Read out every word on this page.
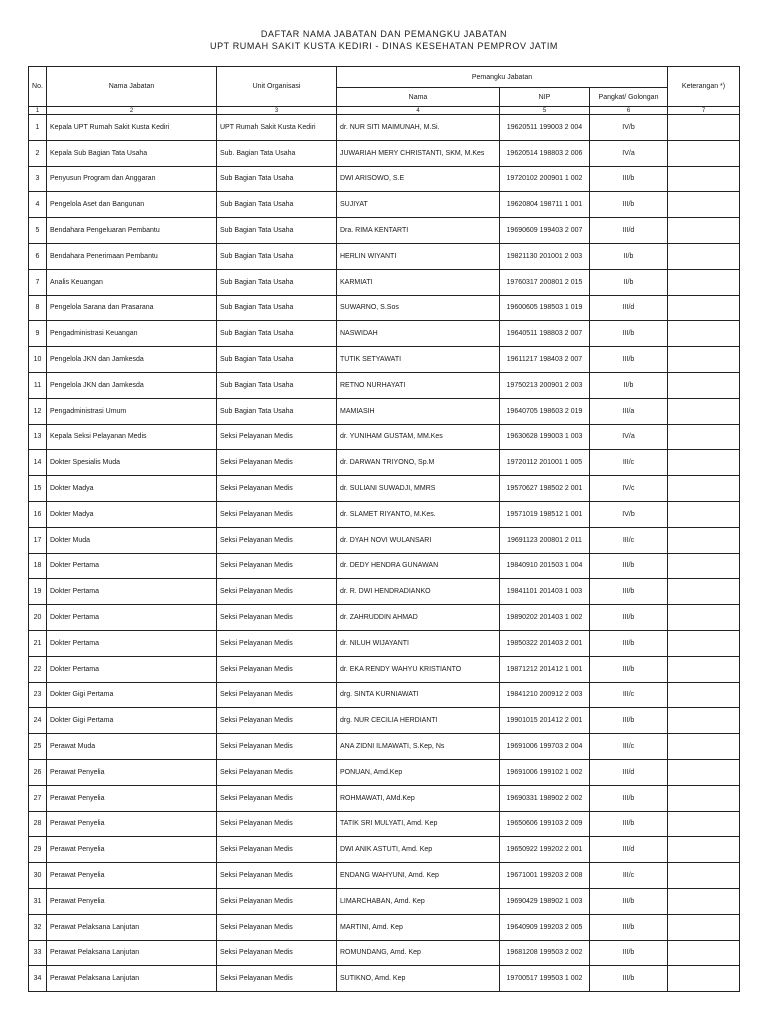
DAFTAR NAMA JABATAN DAN PEMANGKU JABATAN
UPT RUMAH SAKIT KUSTA KEDIRI - DINAS KESEHATAN PEMPROV JATIM
No.	Nama Jabatan	Unit Organisasi	Pemangku Jabatan			Keterangan *)
			Nama	NIP	Pangkat/ Golongan	
1	2	3	4	5	6	7
1	Kepala UPT Rumah Sakit Kusta Kediri	UPT Rumah Sakit Kusta Kediri	dr. NUR SITI MAIMUNAH, M.Si.	19620511 199003 2 004	IV/b	
2	Kepala Sub Bagian Tata Usaha	Sub. Bagian Tata Usaha	JUWARIAH MERY CHRISTANTI, SKM, M.Kes	19620514 198803 2 006	IV/a	
3	Penyusun Program dan Anggaran	Sub Bagian Tata Usaha	DWI ARISOWO, S.E	19720102 200901 1 002	III/b	
4	Pengelola Aset dan Bangunan	Sub Bagian Tata Usaha	SUJIYAT	19620804 198711 1 001	III/b	
5	Bendahara Pengeluaran Pembantu	Sub Bagian Tata Usaha	Dra. RIMA KENTARTI	19690609 199403 2 007	III/d	
6	Bendahara Penerimaan Pembantu	Sub Bagian Tata Usaha	HERLIN WIYANTI	19821130 201001 2 003	II/b	
7	Analis Keuangan	Sub Bagian Tata Usaha	KARMIATI	19760317 200801 2 015	II/b	
8	Pengelola Sarana dan Prasarana	Sub Bagian Tata Usaha	SUWARNO, S.Sos	19600605 198503 1 019	III/d	
9	Pengadministrasi Keuangan	Sub Bagian Tata Usaha	NASWIDAH	19640511 198803 2 007	III/b	
10	Pengelola JKN dan Jamkesda	Sub Bagian Tata Usaha	TUTIK SETYAWATI	19611217 198403 2 007	III/b	
11	Pengelola JKN dan Jamkesda	Sub Bagian Tata Usaha	RETNO NURHAYATI	19750213 200901 2 003	II/b	
12	Pengadministrasi Umum	Sub Bagian Tata Usaha	MAMIASIH	19640705 198603 2 019	III/a	
13	Kepala Seksi Pelayanan Medis	Seksi Pelayanan Medis	dr. YUNIHAM GUSTAM, MM.Kes	19630628 199003 1 003	IV/a	
14	Dokter Spesialis Muda	Seksi Pelayanan Medis	dr. DARWAN TRIYONO, Sp.M	19720112 201001 1 005	III/c	
15	Dokter Madya	Seksi Pelayanan Medis	dr. SULIANI SUWADJI, MMRS	19570627 198502 2 001	IV/c	
16	Dokter Madya	Seksi Pelayanan Medis	dr. SLAMET RIYANTO, M.Kes.	19571019 198512 1 001	IV/b	
17	Dokter Muda	Seksi Pelayanan Medis	dr. DYAH NOVI WULANSARI	19691123 200801 2 011	III/c	
18	Dokter Pertama	Seksi Pelayanan Medis	dr. DEDY HENDRA GUNAWAN	19840910 201503 1 004	III/b	
19	Dokter Pertama	Seksi Pelayanan Medis	dr. R. DWI HENDRADIANKO	19841101 201403 1 003	III/b	
20	Dokter Pertama	Seksi Pelayanan Medis	dr. ZAHRUDDIN AHMAD	19890202 201403 1 002	III/b	
21	Dokter Pertama	Seksi Pelayanan Medis	dr. NILUH WIJAYANTI	19850322 201403 2 001	III/b	
22	Dokter Pertama	Seksi Pelayanan Medis	dr. EKA RENDY WAHYU KRISTIANTO	19871212 201412 1 001	III/b	
23	Dokter Gigi Pertama	Seksi Pelayanan Medis	drg. SINTA KURNIAWATI	19841210 200912 2 003	III/c	
24	Dokter Gigi Pertama	Seksi Pelayanan Medis	drg. NUR CECILIA HERDIANTI	19901015 201412 2 001	III/b	
25	Perawat Muda	Seksi Pelayanan Medis	ANA ZIDNI ILMAWATI, S.Kep, Ns	19691006 199703 2 004	III/c	
26	Perawat Penyelia	Seksi Pelayanan Medis	PONUAN, Amd.Kep	19691006 199102 1 002	III/d	
27	Perawat Penyelia	Seksi Pelayanan Medis	ROHMAWATI, AMd.Kep	19690331 198902 2 002	III/b	
28	Perawat Penyelia	Seksi Pelayanan Medis	TATIK SRI MULYATI, Amd. Kep	19650606 199103 2 009	III/b	
29	Perawat Penyelia	Seksi Pelayanan Medis	DWI ANIK ASTUTI, Amd. Kep	19650922 199202 2 001	III/d	
30	Perawat Penyelia	Seksi Pelayanan Medis	ENDANG WAHYUNI, Amd. Kep	19671001 199203 2 008	III/c	
31	Perawat Penyelia	Seksi Pelayanan Medis	LIMARCHABAN, Amd. Kep	19690429 198902 1 003	III/b	
32	Perawat Pelaksana Lanjutan	Seksi Pelayanan Medis	MARTINI, Amd. Kep	19640909 199203 2 005	III/b	
33	Perawat Pelaksana Lanjutan	Seksi Pelayanan Medis	ROMUNDANG, Amd. Kep	19681208 199503 2 002	III/b	
34	Perawat Pelaksana Lanjutan	Seksi Pelayanan Medis	SUTIKNO, Amd. Kep	19700517 199503 1 002	III/b	
